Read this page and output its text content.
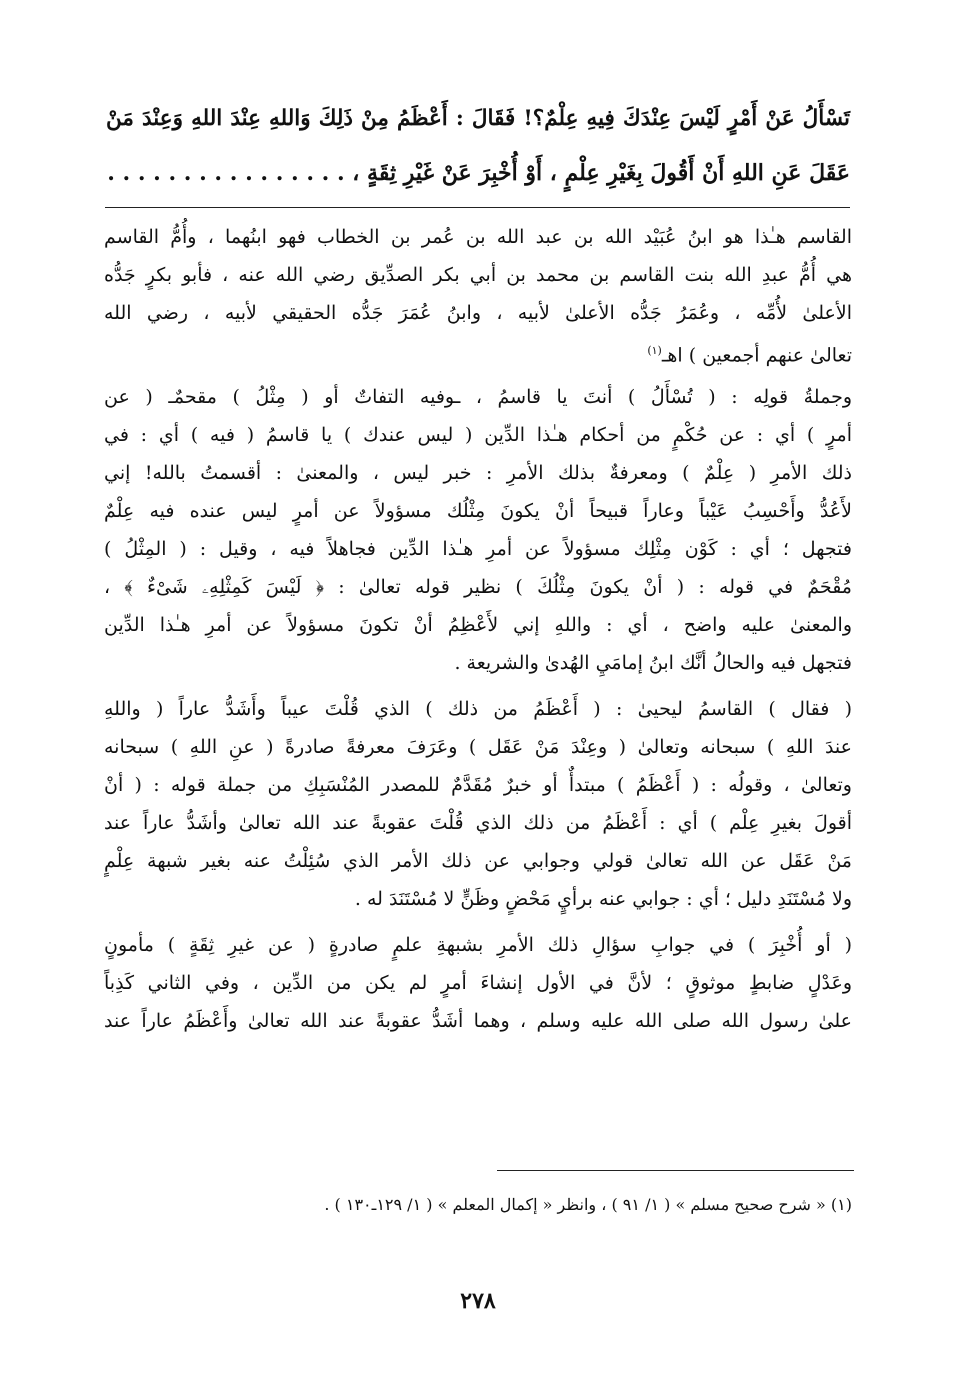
تَسْأَلُ عَنْ أَمْرٍ لَيْسَ عِنْدَكَ فِيهِ عِلْمٌ؟! فَقَالَ : أَعْظَمُ مِنْ ذَلِكَ وَاللهِ عِنْدَ اللهِ وَعِنْدَ مَنْ
عَقَلَ عَنِ اللهِ أَنْ أَقُولَ بِغَيْرِ عِلْمٍ ، أَوْ أُخْبِرَ عَنْ غَيْرِ ثِقَةٍ ، . . . . . . . . . . . . . . . .
القاسم هـٰذا هو ابنُ عُبَيْد الله بن عبد الله بن عُمر بن الخطاب فهو ابنُهما ، وأُمُّ القاسم
هي أُمُّ عبدِ الله بنت القاسم بن محمد بن أبي بكر الصدِّيق رضي الله عنه ، فأبو بكرٍ جَدُّه
الأعلىٰ لأُمِّه ، وعُمَرُ جَدُّه الأعلىٰ لأبيه ، وابنُ عُمَرَ جَدُّه الحقيقي لأبيه ، رضي الله
تعالىٰ عنهم أجمعين ) اهـ$^{(١)}$
وجملةُ قولِه : ( تُسْأَلُ ) أنتَ يا قاسمُ ، ـوفيه التفاتٌ أو ( مِثْلُ ) مقحمٌـ ( عن
أمرٍ ) أي : عن حُكْمٍ من أحكام هـٰذا الدِّين ( ليس عندك ) يا قاسمُ ( فيه ) أي : في
ذلك الأمرِ ( عِلْمٌ ) ومعرفةٌ بذلك الأمرِ : خبر ليس ، والمعنىٰ : أقسمتُ بالله! إني
لأَعُدُّ وأَحْسِبُ عَيْباً وعاراً قبيحاً أنْ يكونَ مِثْلُك مسؤولاً عن أمرٍ ليس عنده فيه عِلْمٌ
فتجهل ؛ أي : كَوْن مِثْلِك مسؤولاً عن أمرِ هـٰذا الدِّين فجاهلاً فيه ، وقيل : ( المِثْلُ )
مُقْحَمٌ في قوله : ( أنْ يكونَ مِثْلُكَ ) نظير قوله تعالىٰ : ﴿ لَيْسَ كَمِثْلِهِۦ شَىْءٌ ﴾ ،
والمعنىٰ عليه واضح ، أي : واللهِ إني لأَعْظِمُ أنْ تكونَ مسؤولاً عن أمرِ هـٰذا الدِّين
فتجهل فيه والحالُ أنَّك ابنُ إمامَيِ الهُدىٰ والشريعة .
( فقال ) القاسمُ ليحيىٰ : ( أَعْظَمُ من ذلك ) الذي قُلْتَ عيباً وأَشَدُّ عاراً ( واللهِ
عندَ اللهِ ) سبحانه وتعالىٰ ( وعِنْدَ مَنْ عَقَل ) وعَرَفَ معرفةً صادرةً ( عنِ اللهِ ) سبحانه
وتعالىٰ ، وقولُه : ( أَعْظَمُ ) مبتدأٌ أو خبرٌ مُقَدَّمٌ للمصدر المُنْسَبِكِ من جملة قوله : ( أنْ
أقولَ بغيرِ عِلْم ) أي : أَعْظَمُ من ذلك الذي قُلْتَ عقوبةً عند الله تعالىٰ وأشَدُّ عاراً عند
مَنْ عَقَل عن الله تعالىٰ قولي وجوابي عن ذلك الأمر الذي سُئِلْتُ عنه بغير شبهة عِلْمٍ
ولا مُسْتَنَدِ دليل ؛ أي : جوابي عنه برأيٍ مَحْضٍ وظَنٍّ لا مُسْتَنَدَ له .
( أو أُخْبِرَ ) في جوابِ سؤالِ ذلك الأمرِ بشبهةِ علمٍ صادرةٍ ( عن غيرِ ثِقَةٍ ) مأمونٍ
وعَدْلٍ ضابطٍ موثوقٍ ؛ لأنَّ في الأول إنشاءَ أمرٍ لم يكن من الدِّين ، وفي الثاني كَذِباً
علىٰ رسول الله صلى الله عليه وسلم ، وهما أشَدُّ عقوبةً عند الله تعالىٰ وأَعْظَمُ عاراً عند
(١) « شرح صحيح مسلم » ( ١/ ٩١ ) ، وانظر « إكمال المعلم » ( ١/ ١٢٩ـ١٣٠ ) .
٢٧٨
